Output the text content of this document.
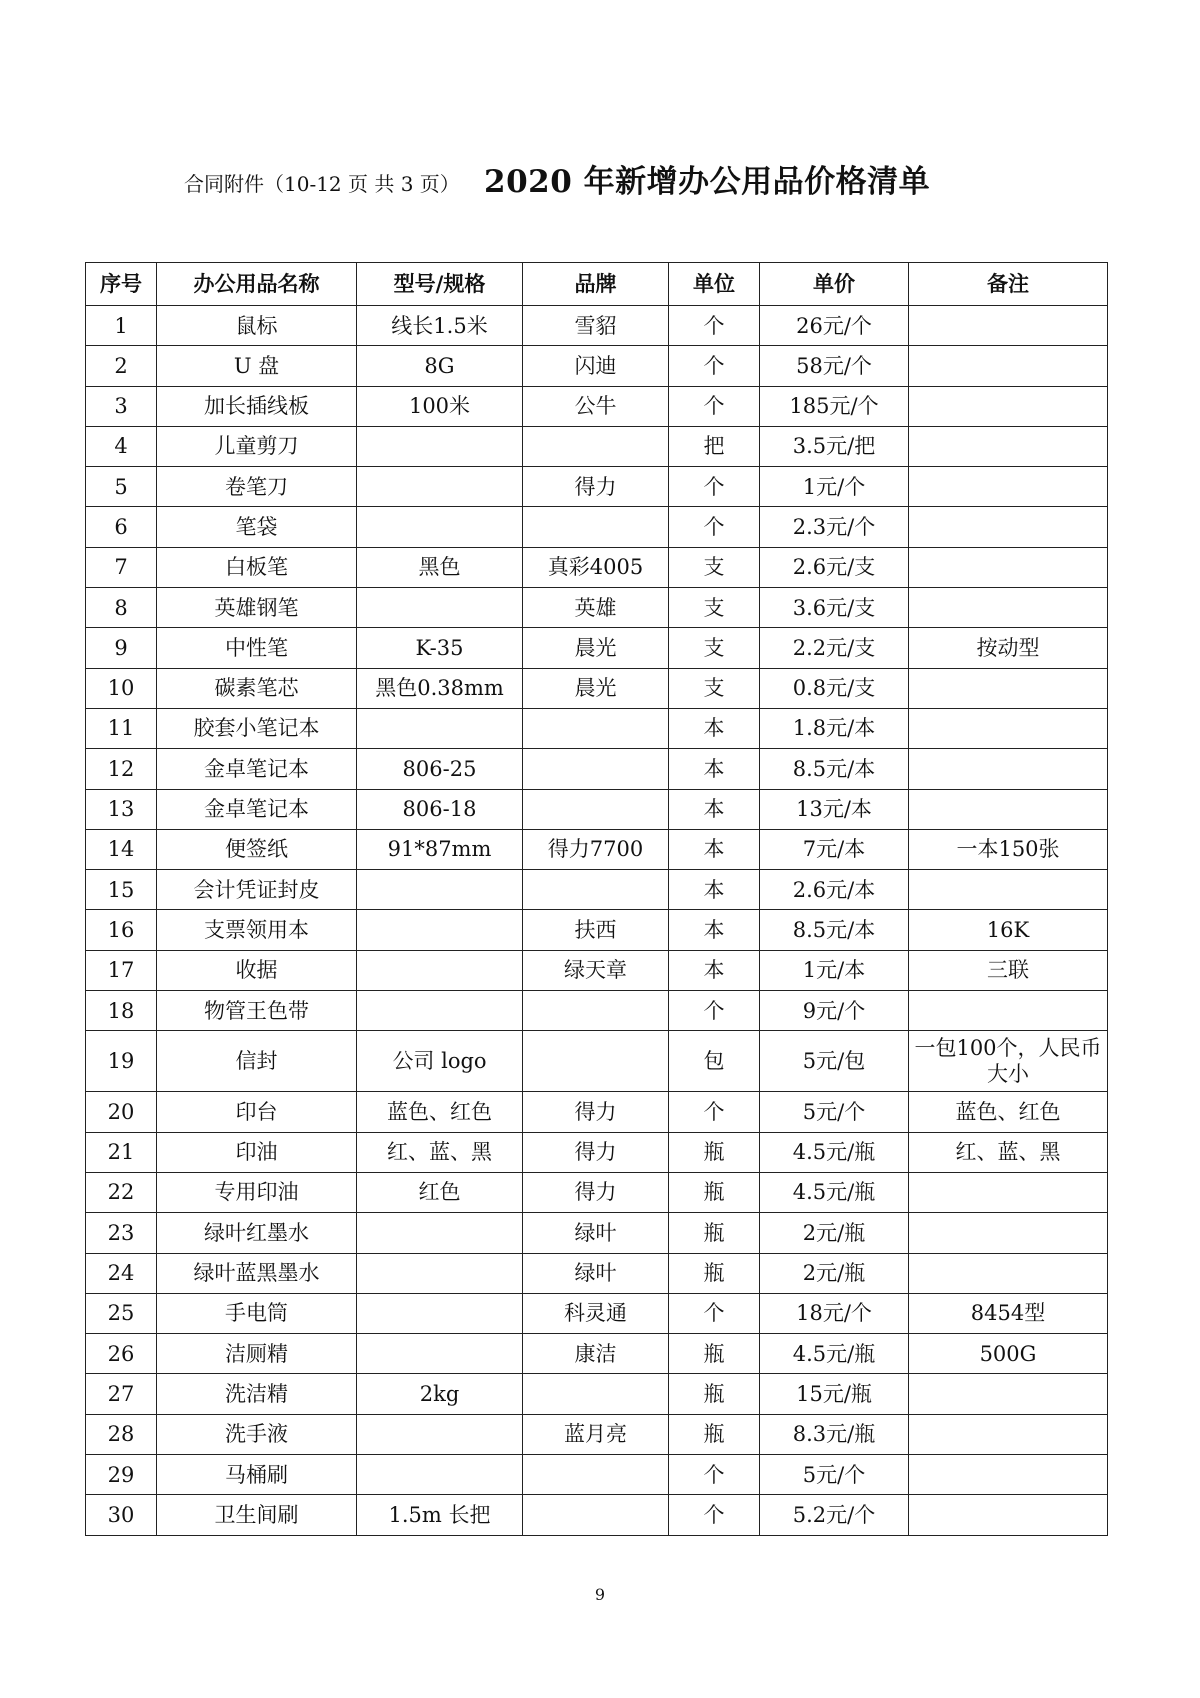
合同附件（10-12 页 共 3 页） 2020 年新增办公用品价格清单
序号	办公用品名称	型号/规格	品牌	单位	单价	备注
1	鼠标	线长1.5米	雪貂	个	26元/个	
2	U 盘	8G	闪迪	个	58元/个	
3	加长插线板	100米	公牛	个	185元/个	
4	儿童剪刀			把	3.5元/把	
5	卷笔刀		得力	个	1元/个	
6	笔袋			个	2.3元/个	
7	白板笔	黑色	真彩4005	支	2.6元/支	
8	英雄钢笔		英雄	支	3.6元/支	
9	中性笔	K-35	晨光	支	2.2元/支	按动型
10	碳素笔芯	黑色0.38mm	晨光	支	0.8元/支	
11	胶套小笔记本			本	1.8元/本	
12	金卓笔记本	806-25		本	8.5元/本	
13	金卓笔记本	806-18		本	13元/本	
14	便签纸	91*87mm	得力7700	本	7元/本	一本150张
15	会计凭证封皮			本	2.6元/本	
16	支票领用本		扶西	本	8.5元/本	16K
17	收据		绿天章	本	1元/本	三联
18	物管王色带			个	9元/个	
19	信封	公司 logo		包	5元/包	一包100个，人民币大小
20	印台	蓝色、红色	得力	个	5元/个	蓝色、红色
21	印油	红、蓝、黑	得力	瓶	4.5元/瓶	红、蓝、黑
22	专用印油	红色	得力	瓶	4.5元/瓶	
23	绿叶红墨水		绿叶	瓶	2元/瓶	
24	绿叶蓝黑墨水		绿叶	瓶	2元/瓶	
25	手电筒		科灵通	个	18元/个	8454型
26	洁厕精		康洁	瓶	4.5元/瓶	500G
27	洗洁精	2kg		瓶	15元/瓶	
28	洗手液		蓝月亮	瓶	8.3元/瓶	
29	马桶刷			个	5元/个	
30	卫生间刷	1.5m 长把		个	5.2元/个	
9
